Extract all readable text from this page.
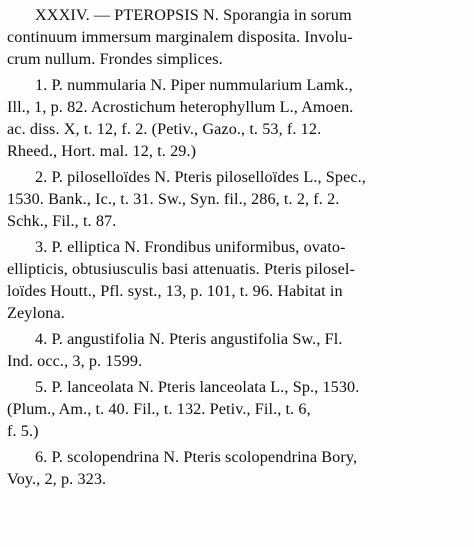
XXXIV. — PTEROPSIS N. Sporangia in sorum
continuum immersum marginalem disposita. Involu-
crum nullum. Frondes simplices.
1. P. nummularia N. Piper nummularium Lamk.,
Ill., 1, p. 82. Acrostichum heterophyllum L., Amoen.
ac. diss. X, t. 12, f. 2. (Petiv., Gazo., t. 53, f. 12.
Rheed., Hort. mal. 12, t. 29.)
2. P. piloselloïdes N. Pteris piloselloïdes L., Spec.,
1530. Bank., Ic., t. 31. Sw., Syn. fil., 286, t. 2, f. 2.
Schk., Fil., t. 87.
3. P. elliptica N. Frondibus uniformibus, ovato-
ellipticis, obtusiusculis basi attenuatis. Pteris pilosel-
loïdes Houtt., Pfl. syst., 13, p. 101, t. 96. Habitat in
Zeylona.
4. P. angustifolia N. Pteris angustifolia Sw., Fl.
Ind. occ., 3, p. 1599.
5. P. lanceolata N. Pteris lanceolata L., Sp., 1530.
(Plum., Am., t. 40. Fil., t. 132. Petiv., Fil., t. 6,
f. 5.)
6. P. scolopendrina N. Pteris scolopendrina Bory,
Voy., 2, p. 323.
